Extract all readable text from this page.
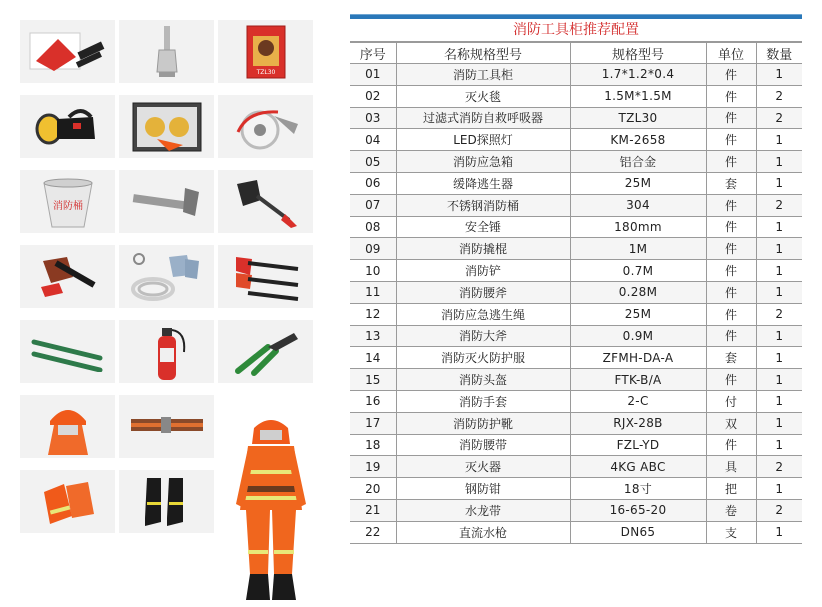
TZL30
消防桶
消防工具柜推荐配置
序号	名称规格型号	规格型号	单位	数量
01	消防工具柜	1.7*1.2*0.4	件	1
02	灭火毯	1.5M*1.5M	件	2
03	过滤式消防自救呼吸器	TZL30	件	2
04	LED探照灯	KM-2658	件	1
05	消防应急箱	铝合金	件	1
06	缓降逃生器	25M	套	1
07	不锈钢消防桶	304	件	2
08	安全锤	180mm	件	1
09	消防撬棍	1M	件	1
10	消防铲	0.7M	件	1
11	消防腰斧	0.28M	件	1
12	消防应急逃生绳	25M	件	2
13	消防大斧	0.9M	件	1
14	消防灭火防护服	ZFMH-DA-A	套	1
15	消防头盔	FTK-B/A	件	1
16	消防手套	2-C	付	1
17	消防防护靴	RJX-28B	双	1
18	消防腰带	FZL-YD	件	1
19	灭火器	4KG ABC	具	2
20	钢防钳	18寸	把	1
21	水龙带	16-65-20	卷	2
22	直流水枪	DN65	支	1
